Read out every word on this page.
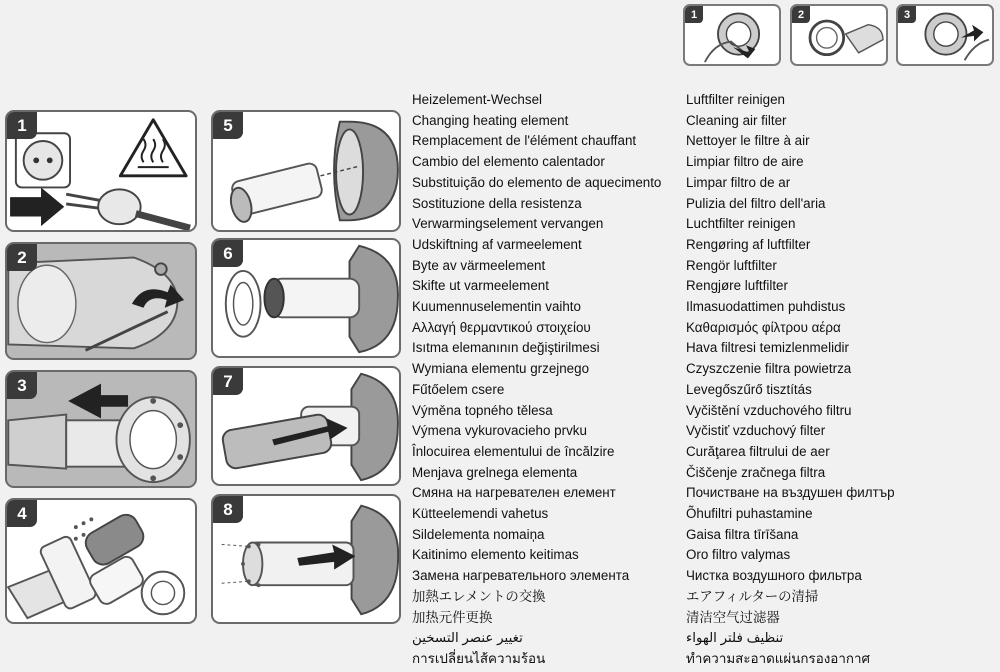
1
2
3
4
5
6
7
8
1	2	3
Heizelement-Wechsel
Changing heating element
Remplacement de l'élément chauffant
Cambio del elemento calentador
Substituição do elemento de aquecimento
Sostituzione della resistenza
Verwarmingselement vervangen
Udskiftning af varmeelement
Byte av värmeelement
Skifte ut varmeelement
Kuumennuselementin vaihto
Αλλαγή θερμαντικού στοιχείου
Isıtma elemanının değiştirilmesi
Wymiana elementu grzejnego
Fűtőelem csere
Výměna topného tělesa
Výmena vykurovacieho prvku
Înlocuirea elementului de încălzire
Menjava grelnega elementa
Смяна на нагревателен елемент
Kütteelemendi vahetus
Sildelementa nomaiņa
Kaitinimo elemento keitimas
Замена нагревательного элемента
加熱エレメントの交換
加热元件更换
تغيير عنصر التسخين
การเปลี่ยนไส้ความร้อน
Luftfilter reinigen
Cleaning air filter
Nettoyer le filtre à air
Limpiar filtro de aire
Limpar filtro de ar
Pulizia del filtro dell'aria
Luchtfilter reinigen
Rengøring af luftfilter
Rengör luftfilter
Rengjøre luftfilter
Ilmasuodattimen puhdistus
Καθαρισμός φίλτρου αέρα
Hava filtresi temizlenmelidir
Czyszczenie filtra powietrza
Levegőszűrő tisztítás
Vyčištění vzduchového filtru
Vyčistiť vzduchový filter
Curăţarea filtrului de aer
Čiščenje zračnega filtra
Почистване на въздушен филтър
Õhufiltri puhastamine
Gaisa filtra tīrīšana
Oro filtro valymas
Чистка воздушного фильтра
エアフィルターの清掃
清洁空气过滤器
تنظيف فلتر الهواء
ทำความสะอาดแผ่นกรองอากาศ
